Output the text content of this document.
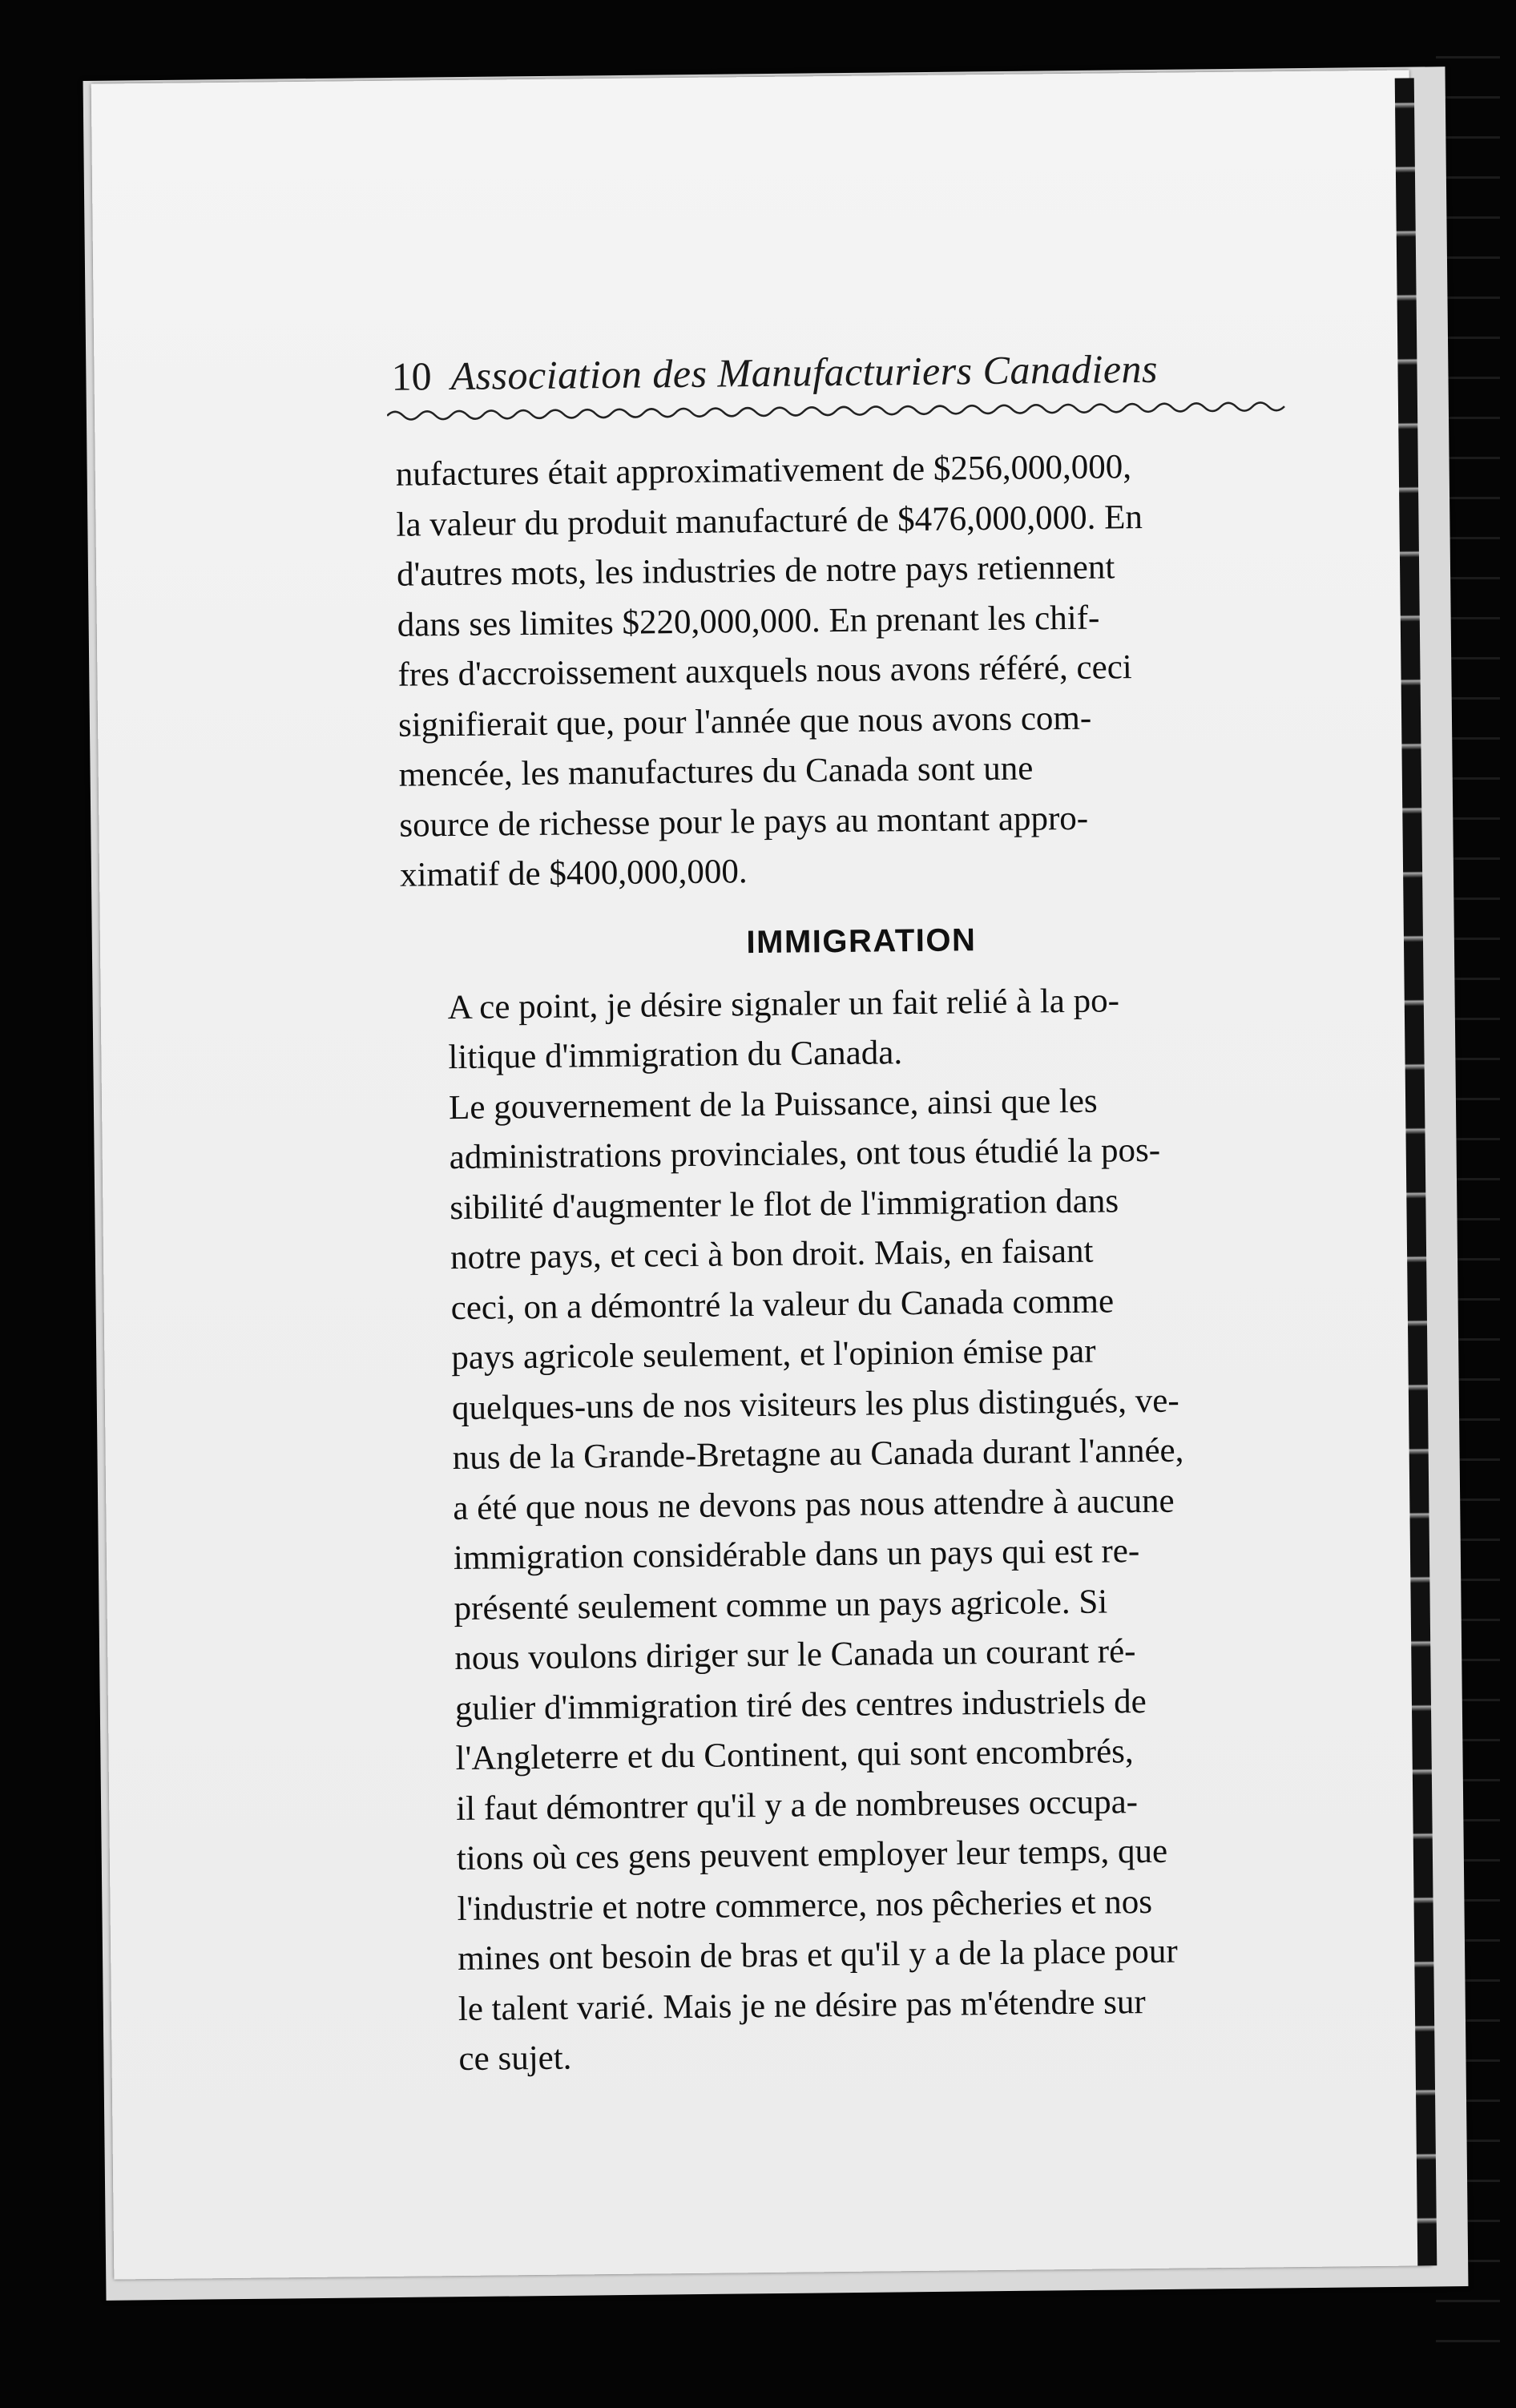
10 Association des Manufacturiers Canadiens

nufactures était approximativement de $256,000,000,
la valeur du produit manufacturé de $476,000,000. En
d'autres mots, les industries de notre pays retiennent
dans ses limites $220,000,000. En prenant les chif-
fres d'accroissement auxquels nous avons référé, ceci
signifierait que, pour l'année que nous avons com-
mencée, les manufactures du Canada sont une
source de richesse pour le pays au montant appro-
ximatif de $400,000,000.

IMMIGRATION

A ce point, je désire signaler un fait relié à la po-
litique d'immigration du Canada.

Le gouvernement de la Puissance, ainsi que les
administrations provinciales, ont tous étudié la pos-
sibilité d'augmenter le flot de l'immigration dans
notre pays, et ceci à bon droit. Mais, en faisant
ceci, on a démontré la valeur du Canada comme
pays agricole seulement, et l'opinion émise par
quelques-uns de nos visiteurs les plus distingués, ve-
nus de la Grande-Bretagne au Canada durant l'année,
a été que nous ne devons pas nous attendre à aucune
immigration considérable dans un pays qui est re-
présenté seulement comme un pays agricole. Si
nous voulons diriger sur le Canada un courant ré-
gulier d'immigration tiré des centres industriels de
l'Angleterre et du Continent, qui sont encombrés,
il faut démontrer qu'il y a de nombreuses occupa-
tions où ces gens peuvent employer leur temps, que
l'industrie et notre commerce, nos pêcheries et nos
mines ont besoin de bras et qu'il y a de la place pour
le talent varié. Mais je ne désire pas m'étendre sur
ce sujet.
